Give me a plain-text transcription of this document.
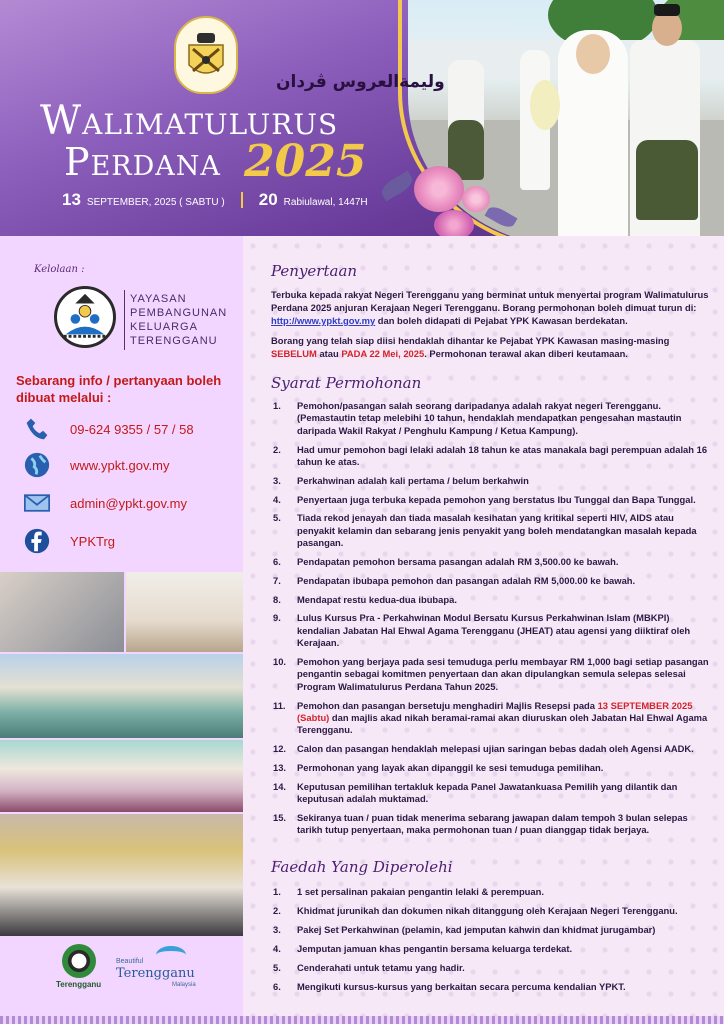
وليمةالعروس ڤردان
Walimatulurus
Perdana 2025
13 SEPTEMBER, 2025 ( SABTU ) 20 Rabiulawal, 1447H
Kelolaan :
YAYASAN
PEMBANGUNAN
KELUARGA
TERENGGANU
Sebarang info / pertanyaan boleh dibuat melalui :
09-624 9355 / 57 / 58
www.ypkt.gov.my
admin@ypkt.gov.my
YPKTrg
Terengganu
Beautiful
Terengganu
Malaysia
Penyertaan
Terbuka kepada rakyat Negeri Terengganu yang berminat untuk menyertai program Walimatulurus Perdana 2025 anjuran Kerajaan Negeri Terengganu. Borang permohonan boleh dimuat turun di: http://www.ypkt.gov.my dan boleh didapati di Pejabat YPK Kawasan berdekatan.
Borang yang telah siap diisi hendaklah dihantar ke Pejabat YPK Kawasan masing-masing SEBELUM atau PADA 22 Mei, 2025. Permohonan terawal akan diberi keutamaan.
Syarat Permohonan
1. Pemohon/pasangan salah seorang daripadanya adalah rakyat negeri Terengganu. (Pemastautin tetap melebihi 10 tahun, hendaklah mendapatkan pengesahan mastautin daripada Wakil Rakyat / Penghulu Kampung / Ketua Kampung).
2. Had umur pemohon bagi lelaki adalah 18 tahun ke atas manakala bagi perempuan adalah 16 tahun ke atas.
3. Perkahwinan adalah kali pertama / belum berkahwin
4. Penyertaan juga terbuka kepada pemohon yang berstatus Ibu Tunggal dan Bapa Tunggal.
5. Tiada rekod jenayah dan tiada masalah kesihatan yang kritikal seperti HIV, AIDS atau penyakit kelamin dan sebarang jenis penyakit yang boleh mendatangkan masalah kepada pasangan.
6. Pendapatan pemohon bersama pasangan adalah RM 3,500.00 ke bawah.
7. Pendapatan ibubapa pemohon dan pasangan adalah RM 5,000.00 ke bawah.
8. Mendapat restu kedua-dua ibubapa.
9. Lulus Kursus Pra - Perkahwinan Modul Bersatu Kursus Perkahwinan Islam (MBKPI) kendalian Jabatan Hal Ehwal Agama Terengganu (JHEAT) atau agensi yang diiktiraf oleh Kerajaan.
10. Pemohon yang berjaya pada sesi temuduga perlu membayar RM 1,000 bagi setiap pasangan pengantin sebagai komitmen penyertaan dan akan dipulangkan semula selepas selesai Program Walimatulurus Perdana Tahun 2025.
11. Pemohon dan pasangan bersetuju menghadiri Majlis Resepsi pada 13 SEPTEMBER 2025 (Sabtu) dan majlis akad nikah beramai-ramai akan diuruskan oleh Jabatan Hal Ehwal Agama Terengganu.
12. Calon dan pasangan hendaklah melepasi ujian saringan bebas dadah oleh Agensi AADK.
13. Permohonan yang layak akan dipanggil ke sesi temuduga pemilihan.
14. Keputusan pemilihan tertakluk kepada Panel Jawatankuasa Pemilih yang dilantik dan keputusan adalah muktamad.
15. Sekiranya tuan / puan tidak menerima sebarang jawapan dalam tempoh 3 bulan selepas tarikh tutup penyertaan, maka permohonan tuan / puan dianggap tidak berjaya.
Faedah Yang Diperolehi
1. 1 set persalinan pakaian pengantin lelaki & perempuan.
2. Khidmat jurunikah dan dokumen nikah ditanggung oleh Kerajaan Negeri Terengganu.
3. Pakej Set Perkahwinan (pelamin, kad jemputan kahwin dan khidmat jurugambar)
4. Jemputan jamuan khas pengantin bersama keluarga terdekat.
5. Cenderahati untuk tetamu yang hadir.
6. Mengikuti kursus-kursus yang berkaitan secara percuma kendalian YPKT.
